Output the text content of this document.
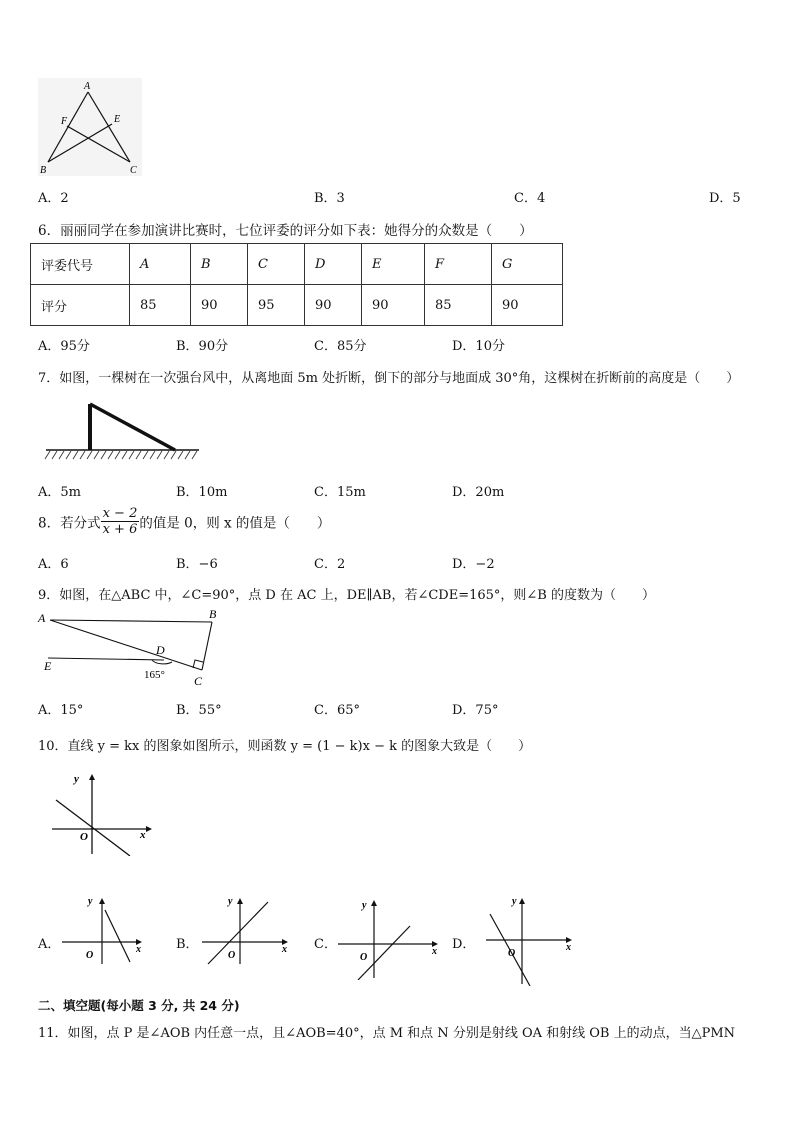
A
F	E
B	C
A．2	B．3	C．4	D．5
6．丽丽同学在参加演讲比赛时，七位评委的评分如下表：她得分的众数是（　　）
评委代号	A	B	C	D	E	F	G
评分	85	90	95	90	90	85	90
A．95分	B．90分	C．85分	D．10分
7．如图，一棵树在一次强台风中，从离地面 5m 处折断，倒下的部分与地面成 30°角，这棵树在折断前的高度是（　　）
A．5m	B．10m	C．15m	D．20m
8．若分式 $\frac{x - 2}{x + 6}$ 的值是 0，则 x 的值是（　　）
A．6	B．−6	C．2	D．−2
9．如图，在△ABC 中，∠C=90°，点 D 在 AC 上，DE∥AB，若∠CDE=165°，则∠B 的度数为（　　）
A	B
D
E
C
165°
A．15°	B．55°	C．65°	D．75°
10．直线 y = kx 的图象如图所示，则函数 y = (1 − k)x − k 的图象大致是（　　）
y
x
O
A．
y
x
O
B．
y
x
O
C．
y
x
O
D．
y
x
O
二、填空题(每小题 3 分, 共 24 分)
11．如图，点 P 是∠AOB 内任意一点，且∠AOB=40°，点 M 和点 N 分别是射线 OA 和射线 OB 上的动点，当△PMN
